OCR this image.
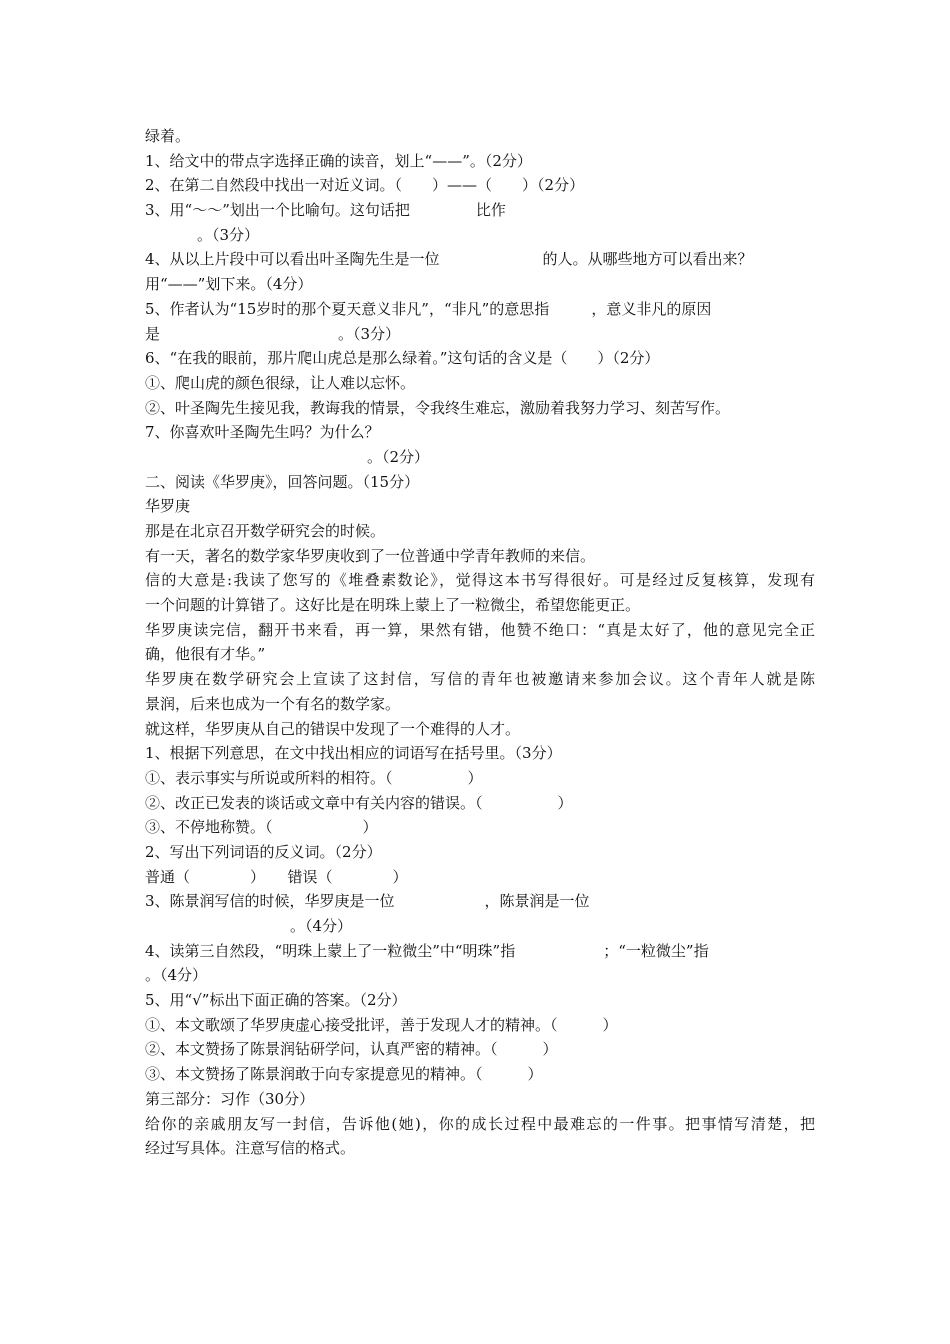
绿着。
1、给文中的带点字选择正确的读音，划上“——”。（2分）
2、在第二自然段中找出一对近义词。（　　）——（　　）（2分）
3、用“～～”划出一个比喻句。这句话把	比作
。（3分）
4、从以上片段中可以看出叶圣陶先生是一位	的人。从哪些地方可以看出来？
用“——”划下来。（4分）
5、作者认为“15岁时的那个夏天意义非凡”，“非凡”的意思指	，意义非凡的原因
是	。（3分）
6、“在我的眼前，那片爬山虎总是那么绿着。”这句话的含义是（　　）（2分）
①、爬山虎的颜色很绿，让人难以忘怀。
②、叶圣陶先生接见我，教诲我的情景，令我终生难忘，激励着我努力学习、刻苦写作。
7、你喜欢叶圣陶先生吗？为什么？
。（2分）
二、阅读《华罗庚》，回答问题。（15分）
华罗庚
那是在北京召开数学研究会的时候。
有一天，著名的数学家华罗庚收到了一位普通中学青年教师的来信。
信的大意是:我读了您写的《堆叠素数论》，觉得这本书写得很好。可是经过反复核算，发现有
一个问题的计算错了。这好比是在明珠上蒙上了一粒微尘，希望您能更正。
华罗庚读完信，翻开书来看，再一算，果然有错，他赞不绝口：“真是太好了，他的意见完全正
确，他很有才华。”
华罗庚在数学研究会上宣读了这封信，写信的青年也被邀请来参加会议。这个青年人就是陈
景润，后来也成为一个有名的数学家。
就这样，华罗庚从自己的错误中发现了一个难得的人才。
1、根据下列意思，在文中找出相应的词语写在括号里。（3分）
①、表示事实与所说或所料的相符。（　　　　　）
②、改正已发表的谈话或文章中有关内容的错误。（　　　　　）
③、不停地称赞。（　　　　　　）
2、写出下列词语的反义词。（2分）
普通（　　　　）　　错误（　　　　）
3、陈景润写信的时候，华罗庚是一位	，陈景润是一位
。（4分）
4、读第三自然段，“明珠上蒙上了一粒微尘”中“明珠”指	；“一粒微尘”指
。（4分）
5、用“√”标出下面正确的答案。（2分）
①、本文歌颂了华罗庚虚心接受批评，善于发现人才的精神。（　　　）
②、本文赞扬了陈景润钻研学问，认真严密的精神。（　　　）
③、本文赞扬了陈景润敢于向专家提意见的精神。（　　　）
第三部分：习作（30分）
给你的亲戚朋友写一封信，告诉他(她)，你的成长过程中最难忘的一件事。把事情写清楚，把
经过写具体。注意写信的格式。
